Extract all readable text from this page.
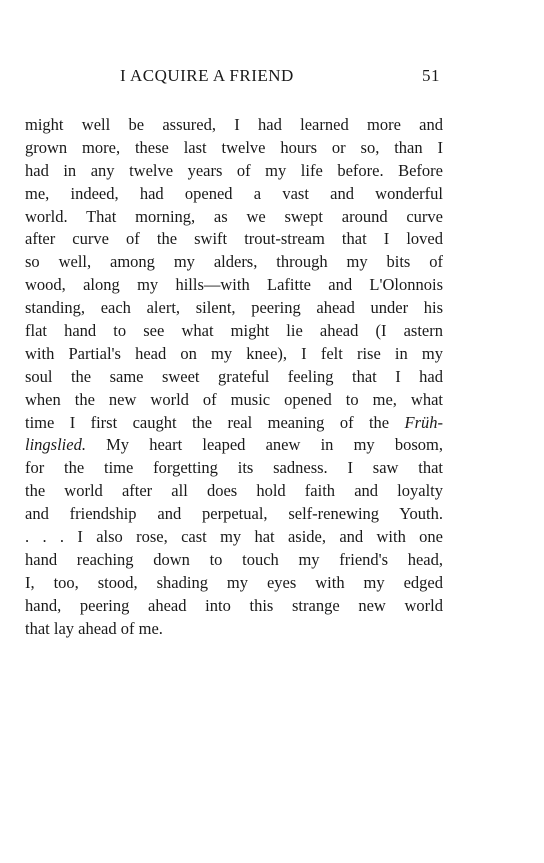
I ACQUIRE A FRIEND	51
might well be assured, I had learned more and
grown more, these last twelve hours or so, than I
had in any twelve years of my life before. Before
me, indeed, had opened a vast and wonderful
world. That morning, as we swept around curve
after curve of the swift trout-stream that I loved
so well, among my alders, through my bits of
wood, along my hills—with Lafitte and L'Olonnois
standing, each alert, silent, peering ahead under his
flat hand to see what might lie ahead (I astern
with Partial's head on my knee), I felt rise in my
soul the same sweet grateful feeling that I had
when the new world of music opened to me, what
time I first caught the real meaning of the Früh-
lingslied. My heart leaped anew in my bosom,
for the time forgetting its sadness. I saw that
the world after all does hold faith and loyalty
and friendship and perpetual, self-renewing Youth.
. . . I also rose, cast my hat aside, and with one
hand reaching down to touch my friend's head,
I, too, stood, shading my eyes with my edged
hand, peering ahead into this strange new world
that lay ahead of me.
